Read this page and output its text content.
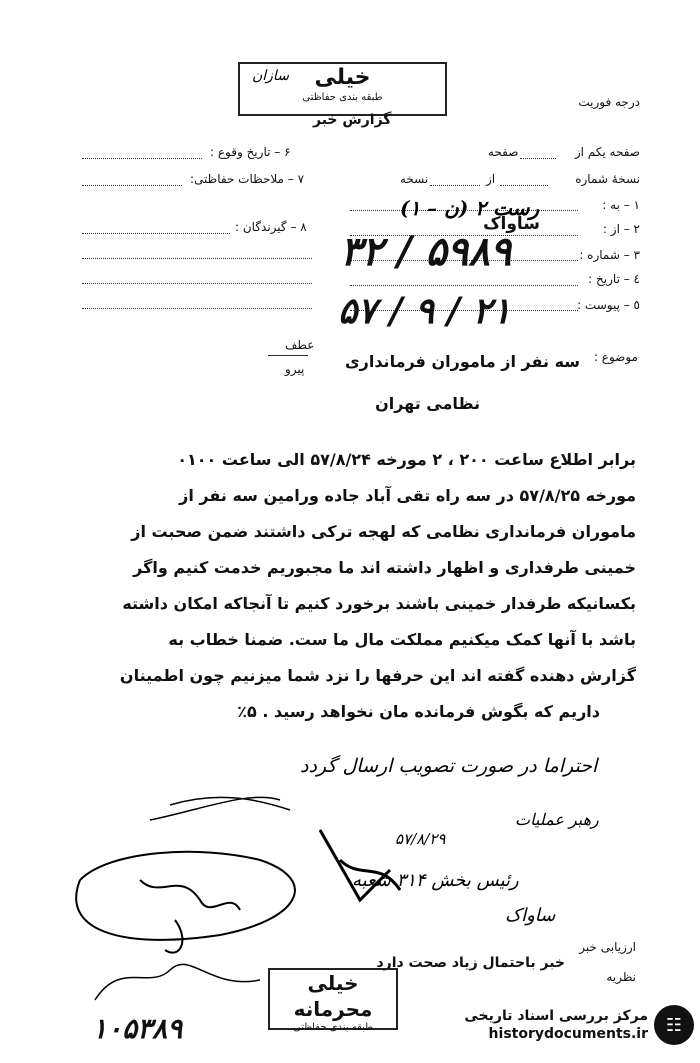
خیلی
طبقه بندی حفاظتی
سازان
گزارش خبر
درجه فوریت
صفحه یکم از
صفحه
نسخهٔ شماره
از
نسخه
۱ – به :
۲ – از :
۳ – شماره :
٤ – تاریخ :
٥ – پیوست :
رست ۲ (ن – ۱)
ساواک
۳۲ / ۵۹۸۹
۵۷ / ۹ / ۲۱
۶ – تاریخ وقوع :
۷ – ملاحظات حفاظتی:
۸ – گیرندگان :
موضوع :
عطف
پیرو	سه نفر از ماموران فرمانداری
نظامی تهران
برابر اطلاع ساعت ۲۰۰ ، ۲ مورخه ۵۷/۸/۲۴ الی ساعت ۰۱۰۰
مورخه ۵۷/۸/۲۵ در سه راه تقی آباد جاده ورامین سه نفر از
ماموران فرمانداری نظامی که لهجه ترکی داشتند ضمن صحبت از
خمینی طرفداری و اظهار داشته اند ما مجبوریم خدمت کنیم واگر
بکسانیکه طرفدار خمینی باشند برخورد کنیم تا آنجاکه امکان داشته
باشد با آنها کمک میکنیم مملکت مال ما ست. ضمنا خطاب به
گزارش دهنده گفته اند این حرفها را نزد شما میزنیم چون اطمینان
داریم که بگوش فرمانده مان نخواهد رسید . ۵٪
احتراما در صورت تصویب ارسال گردد
رهبر عملیات
۵۷/۸/۲۹
رئیس بخش ۳۱۴ شعبه
ساواک
ارزیابی خبر
خبر باحتمال زیاد صحت دارد
نظریه
خیلی محرمانه
طبقه بندی حفاظتی
۱۰۵۳۸۹	مرکز بررسی اسناد تاریخی
historydocuments.ir ☷
